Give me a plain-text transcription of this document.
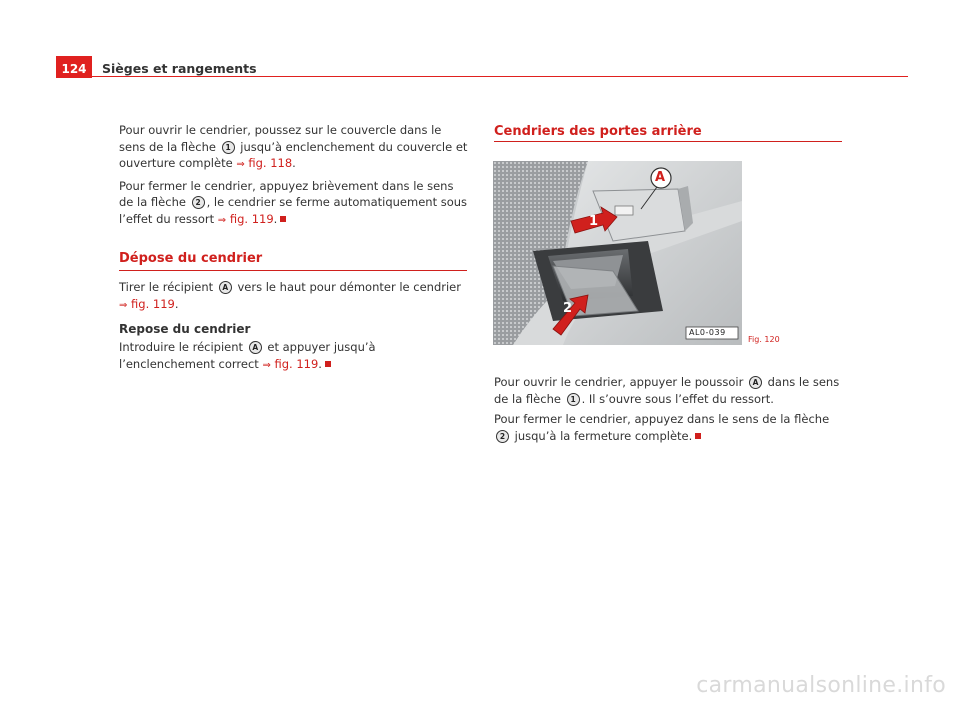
124 Sièges et rangements

Pour ouvrir le cendrier, poussez sur le couvercle dans le sens de la flèche 1 jusqu’à enclenchement du couvercle et ouverture complète ⇒ fig. 118.

Pour fermer le cendrier, appuyez brièvement dans le sens de la flèche 2 , le cendrier se ferme automatiquement sous l’effet du ressort ⇒ fig. 119.

Dépose du cendrier

Tirer le récipient A vers le haut pour démonter le cendrier ⇒ fig. 119.

Repose du cendrier

Introduire le récipient A et appuyer jusqu’à l’enclenchement correct ⇒ fig. 119.

Cendriers des portes arrière
A
1
2
AL0-039
Fig. 120

Pour ouvrir le cendrier, appuyer le poussoir A dans le sens de la flèche 1 . Il s’ouvre sous l’effet du ressort.

Pour fermer le cendrier, appuyez dans le sens de la flèche 2 jusqu’à la fermeture complète.

carmanualsonline.info
